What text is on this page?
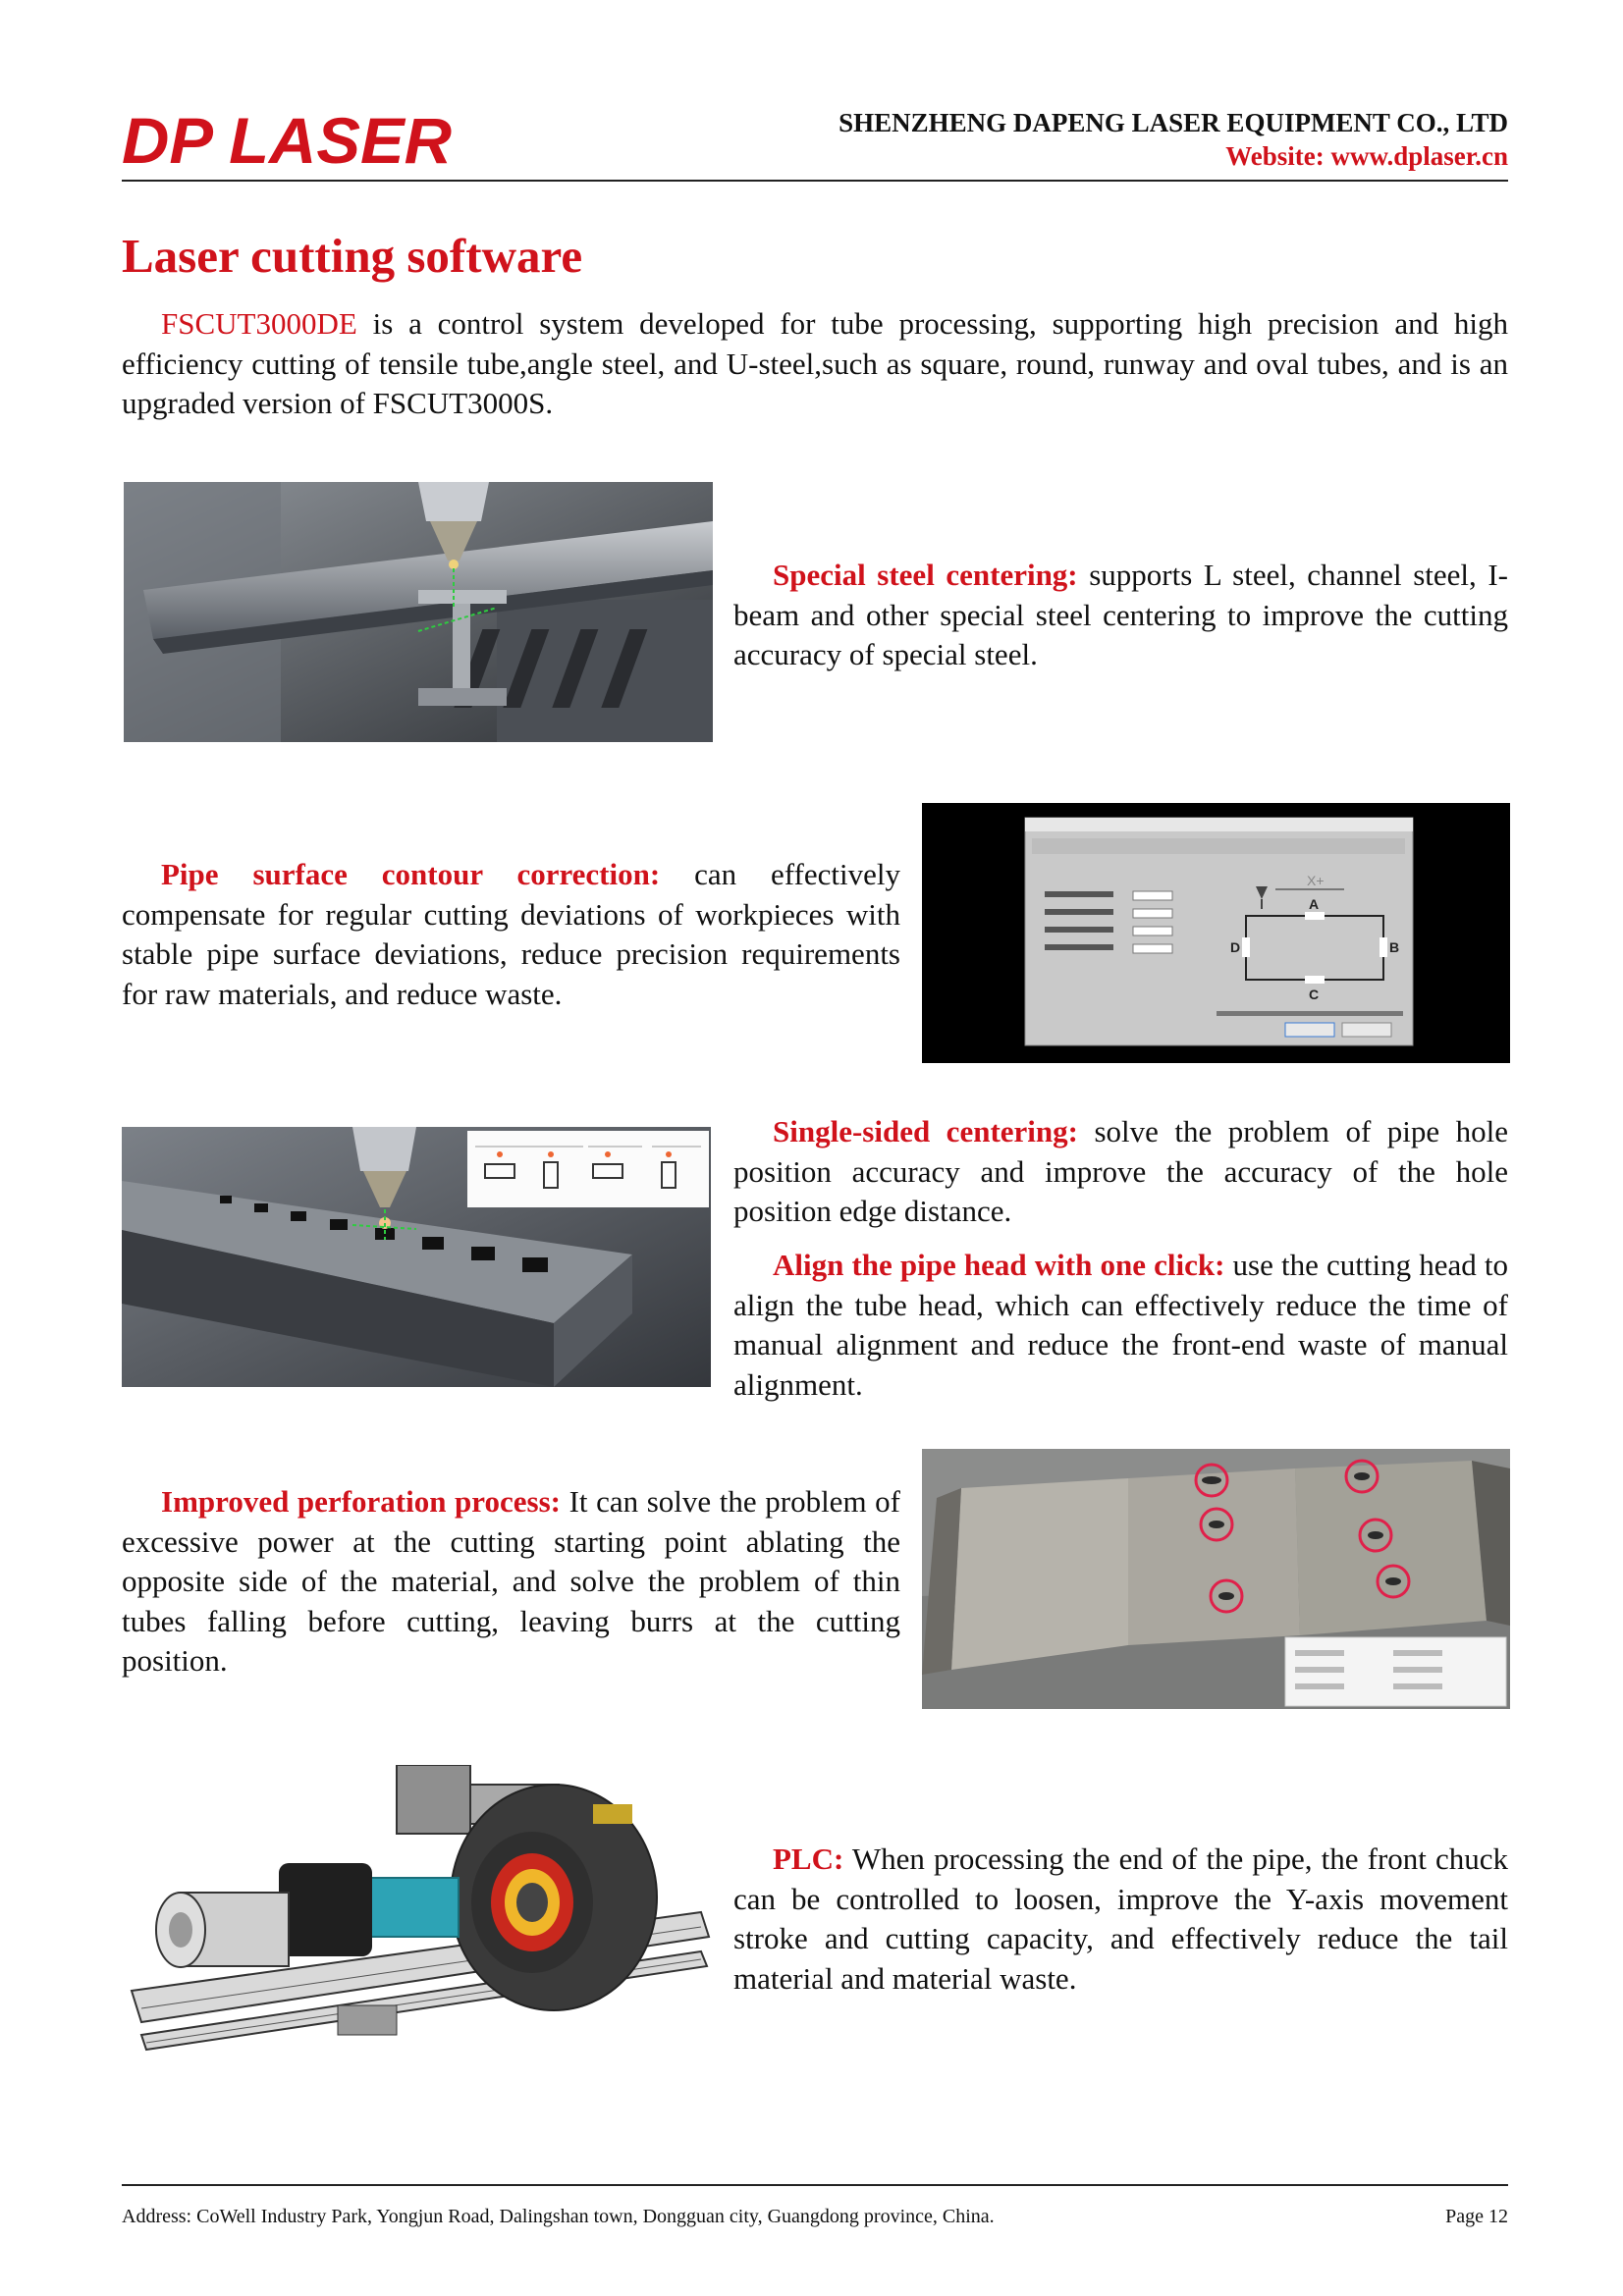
DP LASER	SHENZHENG DAPENG LASER EQUIPMENT CO., LTD
Website: www.dplaser.cn
Laser cutting software
FSCUT3000DE is a control system developed for tube processing, supporting high precision and high efficiency cutting of tensile tube,angle steel, and U-steel,such as square, round, runway and oval tubes, and is an upgraded version of FSCUT3000S.
Special steel centering: supports L steel, channel steel, I-beam and other special steel centering to improve the cutting accuracy of special steel.
Pipe surface contour correction: can effectively compensate for regular cutting deviations of workpieces with stable pipe surface deviations, reduce precision requirements for raw materials, and reduce waste.
X+
A
B
C
D
Single-sided centering: solve the problem of pipe hole position accuracy and improve the accuracy of the hole position edge distance.
Align the pipe head with one click: use the cutting head to align the tube head, which can effectively reduce the time of manual alignment and reduce the front-end waste of manual alignment.
Improved perforation process: It can solve the problem of excessive power at the cutting starting point ablating the opposite side of the material, and solve the problem of thin tubes falling before cutting, leaving burrs at the cutting position.
PLC: When processing the end of the pipe, the front chuck can be controlled to loosen, improve the Y-axis movement stroke and cutting capacity, and effectively reduce the tail material and material waste.
Address: CoWell Industry Park, Yongjun Road, Dalingshan town, Dongguan city, Guangdong province, China.	Page 12
